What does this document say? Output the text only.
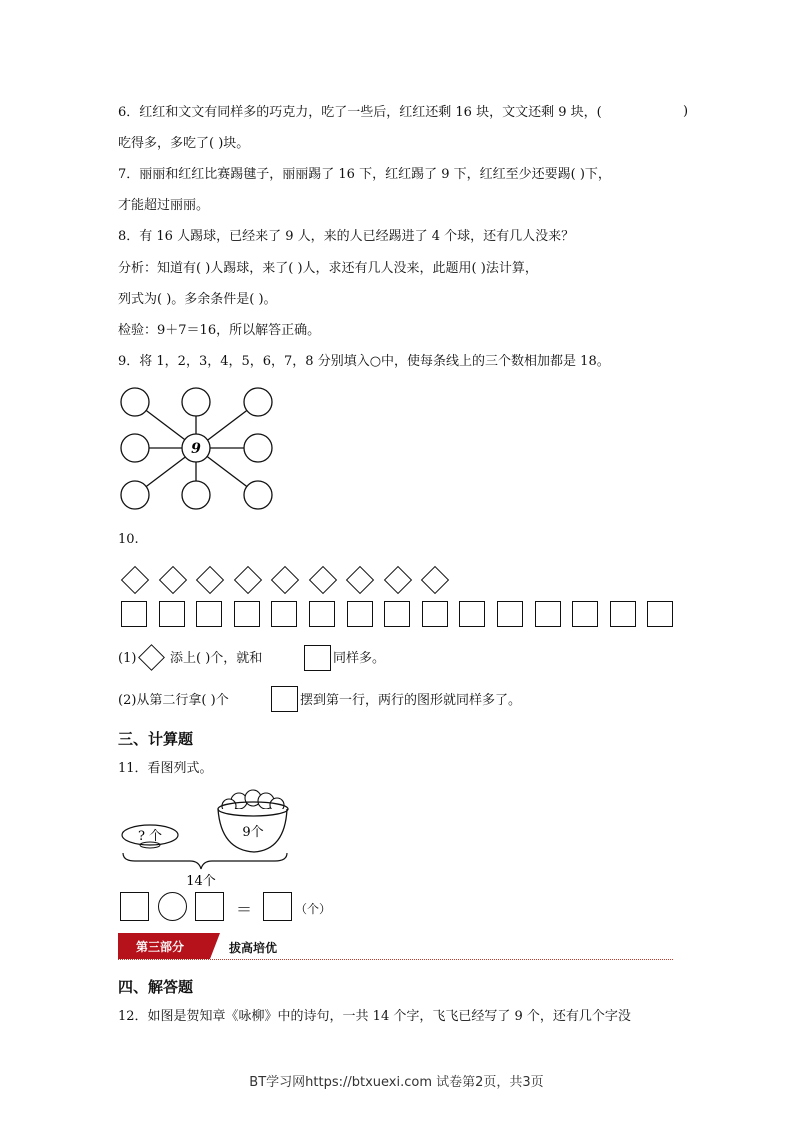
6．红红和文文有同样多的巧克力，吃了一些后，红红还剩 16 块，文文还剩 9 块，(	)
吃得多，多吃了( )块。
7．丽丽和红红比赛踢毽子，丽丽踢了 16 下，红红踢了 9 下，红红至少还要踢( )下，
才能超过丽丽。
8．有 16 人踢球，已经来了 9 人，来的人已经踢进了 4 个球，还有几人没来？
分析：知道有( )人踢球，来了( )人，求还有几人没来，此题用( )法计算，
列式为( )。多余条件是( )。
检验：9＋7＝16，所以解答正确。
9．将 1，2，3，4，5，6，7，8 分别填入○中，使每条线上的三个数相加都是 18。
9
10.
(1)	添上( )个，就和	同样多。
(2)从第二行拿( )个	摆到第一行，两行的图形就同样多了。
三、计算题
11．看图列式。
? 个	9个
14个
＝	（个）
第三部分	拔高培优
四、解答题
12．如图是贺知章《咏柳》中的诗句，一共 14 个字，飞飞已经写了 9 个，还有几个字没
BT学习网https://btxuexi.com 试卷第2页，共3页
